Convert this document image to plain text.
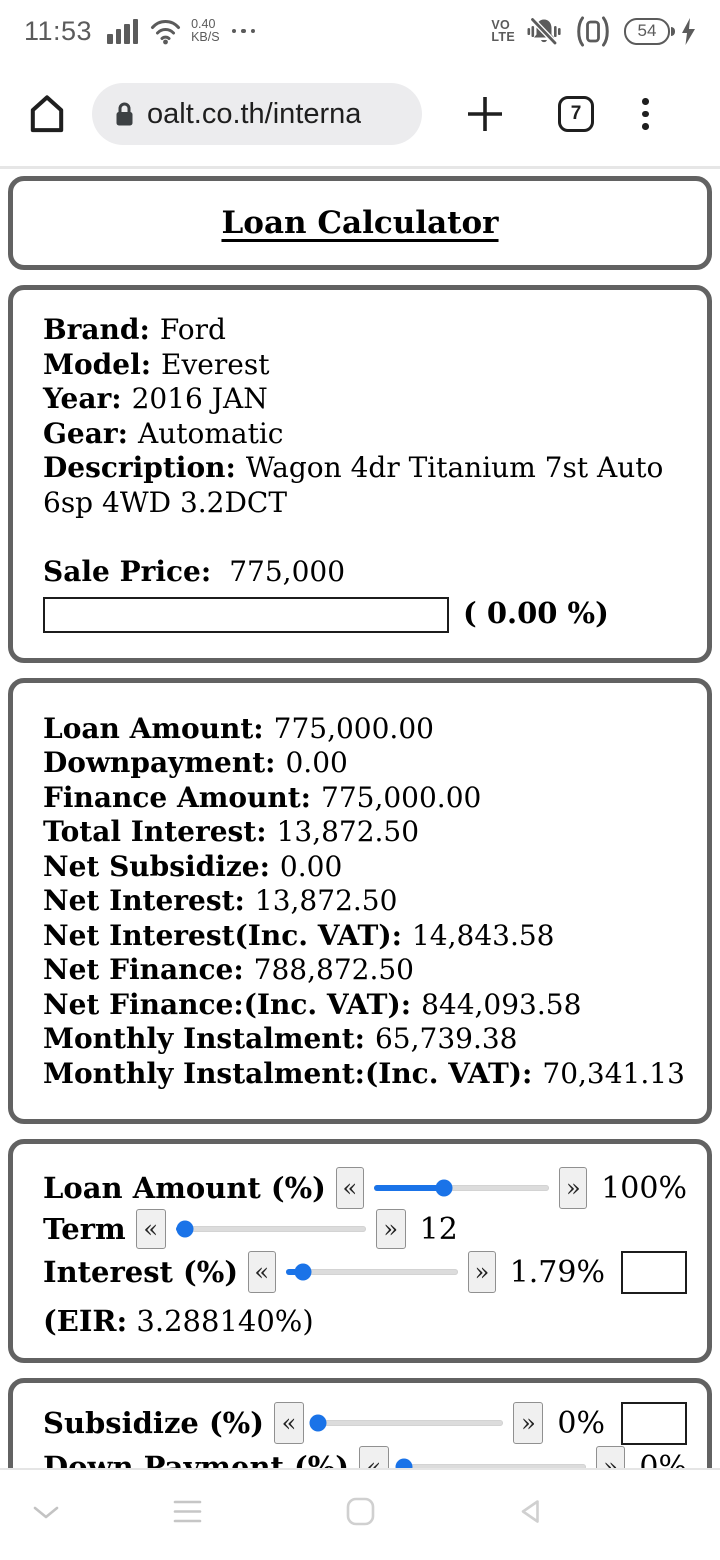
11:53	0.40
KB/S
VO
LTE	54
oalt.co.th/interna	7
Loan Calculator

Brand: Ford

Model: Everest

Year: 2016 JAN

Gear: Automatic

Description: Wagon 4dr Titanium 7st Auto 6sp 4WD 3.2DCT

Sale Price: 775,000

( 0.00 %)

Loan Amount: 775,000.00

Downpayment: 0.00

Finance Amount: 775,000.00

Total Interest: 13,872.50

Net Subsidize: 0.00

Net Interest: 13,872.50

Net Interest(Inc. VAT): 14,843.58

Net Finance: 788,872.50

Net Finance:(Inc. VAT): 844,093.58

Monthly Instalment: 65,739.38

Monthly Instalment:(Inc. VAT): 70,341.13

Loan Amount (%) «	» 100%
Term «	» 12
Interest (%) «	» 1.79%
(EIR: 3.288140%)
Subsidize (%) «	» 0%
